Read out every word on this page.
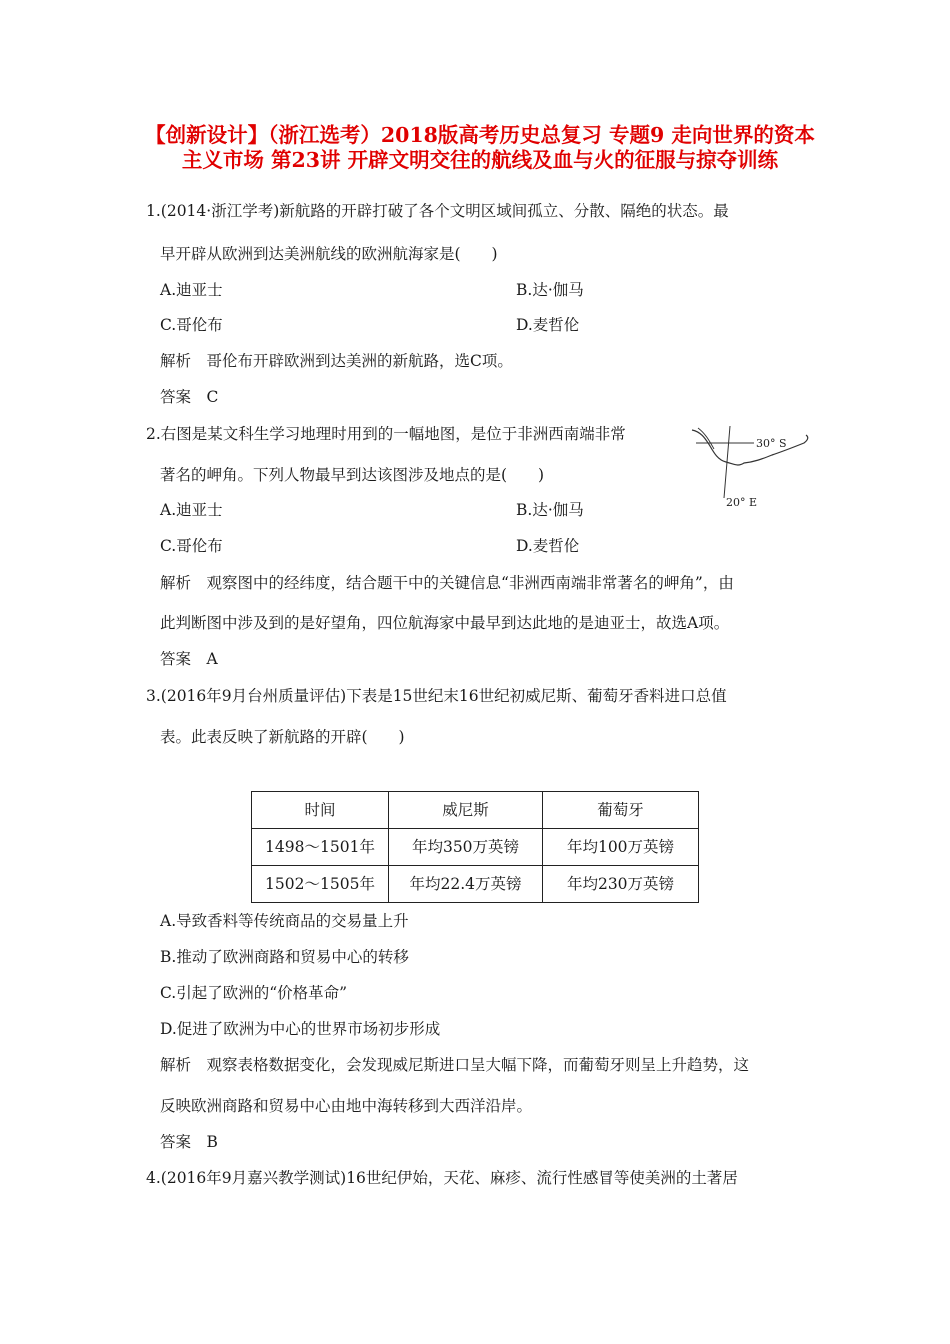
【创新设计】（浙江选考）2018版高考历史总复习 专题9 走向世界的资本主义市场 第23讲 开辟文明交往的航线及血与火的征服与掠夺训练

1.(2014·浙江学考)新航路的开辟打破了各个文明区域间孤立、分散、隔绝的状态。最

早开辟从欧洲到达美洲航线的欧洲航海家是(　　)

A.迪亚士	B.达·伽马

C.哥伦布	D.麦哲伦

解析　哥伦布开辟欧洲到达美洲的新航路，选C项。

答案　C

2.右图是某文科生学习地理时用到的一幅地图，是位于非洲西南端非常

著名的岬角。下列人物最早到达该图涉及地点的是(　　)

30° S
20° E

A.迪亚士	B.达·伽马

C.哥伦布	D.麦哲伦

解析　观察图中的经纬度，结合题干中的关键信息“非洲西南端非常著名的岬角”，由

此判断图中涉及到的是好望角，四位航海家中最早到达此地的是迪亚士，故选A项。

答案　A

3.(2016年9月台州质量评估)下表是15世纪末16世纪初威尼斯、葡萄牙香料进口总值

表。此表反映了新航路的开辟(　　)

时间	威尼斯	葡萄牙
1498～1501年	年均350万英镑	年均100万英镑
1502～1505年	年均22.4万英镑	年均230万英镑

A.导致香料等传统商品的交易量上升

B.推动了欧洲商路和贸易中心的转移

C.引起了欧洲的“价格革命”

D.促进了欧洲为中心的世界市场初步形成

解析　观察表格数据变化，会发现威尼斯进口呈大幅下降，而葡萄牙则呈上升趋势，这

反映欧洲商路和贸易中心由地中海转移到大西洋沿岸。

答案　B

4.(2016年9月嘉兴教学测试)16世纪伊始，天花、麻疹、流行性感冒等使美洲的土著居
